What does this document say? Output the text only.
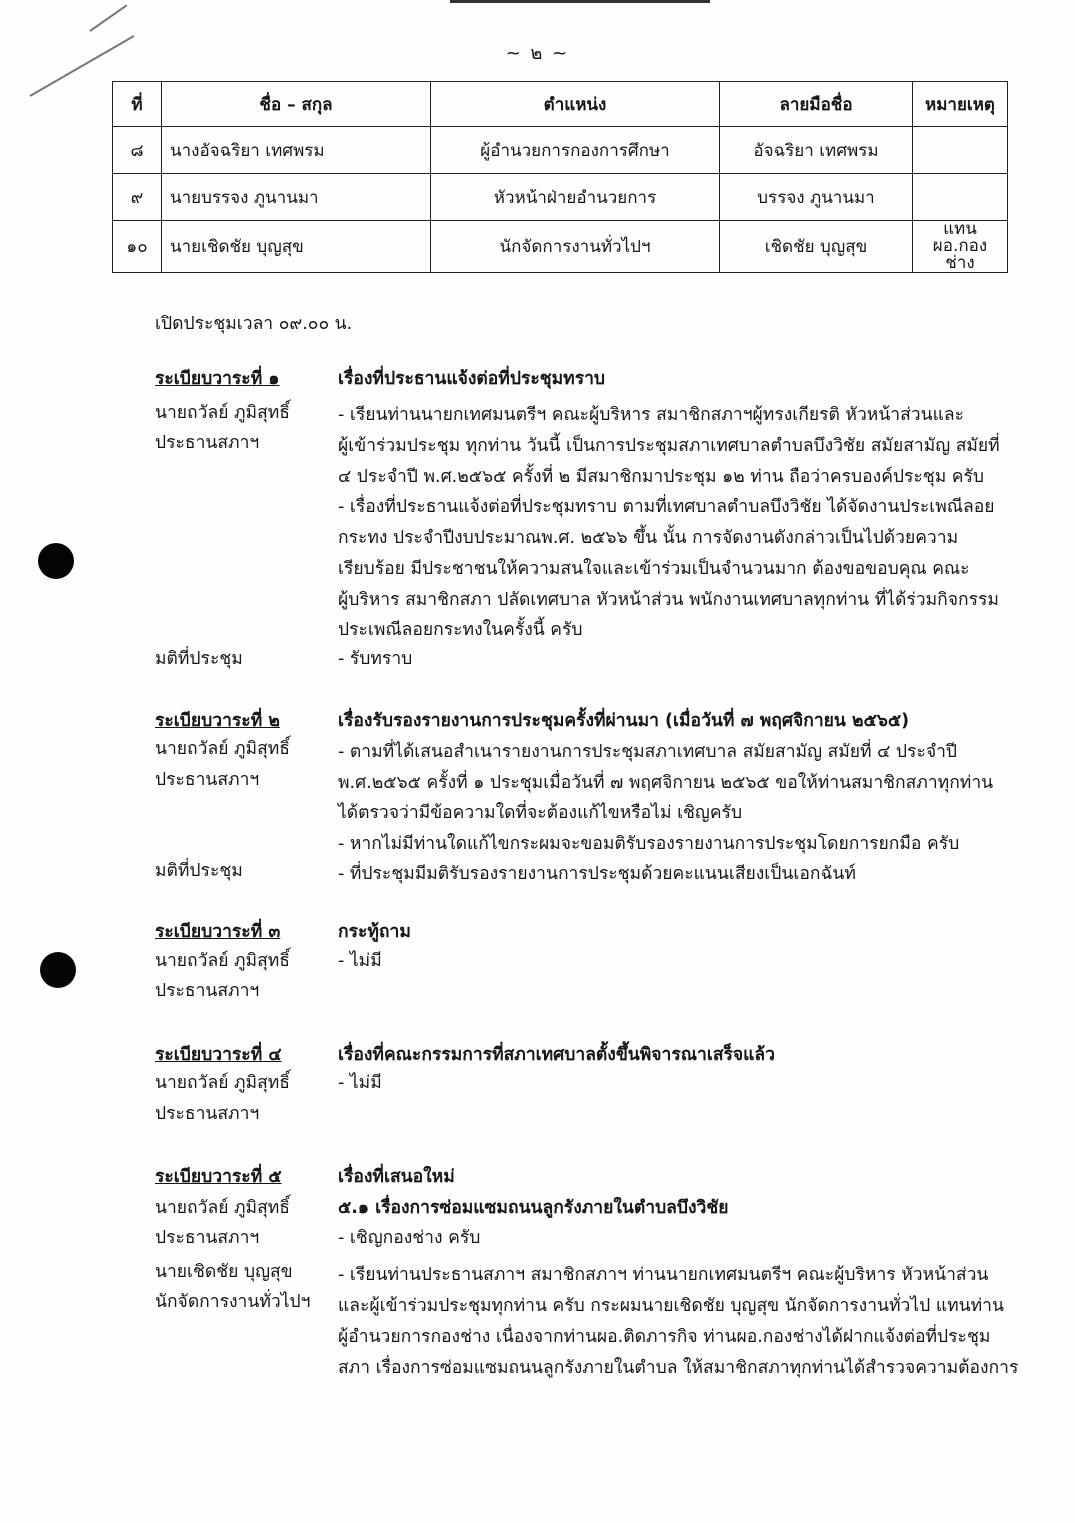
~ ๒ ~
ที่	ชื่อ – สกุล	ตำแหน่ง	ลายมือชื่อ	หมายเหตุ
๘	นางอัจฉริยา เทศพรม	ผู้อำนวยการกองการศึกษา	อัจฉริยา เทศพรม	
๙	นายบรรจง ภูนานมา	หัวหน้าฝ่ายอำนวยการ	บรรจง ภูนานมา	
๑๐	นายเชิดชัย บุญสุข	นักจัดการงานทั่วไปฯ	เชิดชัย บุญสุข	แทน
ผอ.กองช่าง
เปิดประชุมเวลา ๐๙.๐๐ น.
ระเบียบวาระที่ ๑	เรื่องที่ประธานแจ้งต่อที่ประชุมทราบ
นายถวัลย์ ภูมิสุทธิ์
ประธานสภาฯ
- เรียนท่านนายกเทศมนตรีฯ คณะผู้บริหาร สมาชิกสภาฯผู้ทรงเกียรติ หัวหน้าส่วนและ
ผู้เข้าร่วมประชุม ทุกท่าน วันนี้ เป็นการประชุมสภาเทศบาลตำบลบึงวิชัย สมัยสามัญ สมัยที่
๔ ประจำปี พ.ศ.๒๕๖๕ ครั้งที่ ๒ มีสมาชิกมาประชุม ๑๒ ท่าน ถือว่าครบองค์ประชุม ครับ
- เรื่องที่ประธานแจ้งต่อที่ประชุมทราบ ตามที่เทศบาลตำบลบึงวิชัย ได้จัดงานประเพณีลอย
กระทง ประจำปีงบประมาณพ.ศ. ๒๕๖๖ ขึ้น นั้น การจัดงานดังกล่าวเป็นไปด้วยความ
เรียบร้อย มีประชาชนให้ความสนใจและเข้าร่วมเป็นจำนวนมาก ต้องขอขอบคุณ คณะ
ผู้บริหาร สมาชิกสภา ปลัดเทศบาล หัวหน้าส่วน พนักงานเทศบาลทุกท่าน ที่ได้ร่วมกิจกรรม
ประเพณีลอยกระทงในครั้งนี้ ครับ
มติที่ประชุม	- รับทราบ
ระเบียบวาระที่ ๒	เรื่องรับรองรายงานการประชุมครั้งที่ผ่านมา (เมื่อวันที่ ๗ พฤศจิกายน ๒๕๖๕)
นายถวัลย์ ภูมิสุทธิ์
ประธานสภาฯ
- ตามที่ได้เสนอสำเนารายงานการประชุมสภาเทศบาล สมัยสามัญ สมัยที่ ๔ ประจำปี
พ.ศ.๒๕๖๕ ครั้งที่ ๑ ประชุมเมื่อวันที่ ๗ พฤศจิกายน ๒๕๖๕ ขอให้ท่านสมาชิกสภาทุกท่าน
ได้ตรวจว่ามีข้อความใดที่จะต้องแก้ไขหรือไม่ เชิญครับ
- หากไม่มีท่านใดแก้ไขกระผมจะขอมติรับรองรายงานการประชุมโดยการยกมือ ครับ
มติที่ประชุม	- ที่ประชุมมีมติรับรองรายงานการประชุมด้วยคะแนนเสียงเป็นเอกฉันท์
ระเบียบวาระที่ ๓	กระทู้ถาม
นายถวัลย์ ภูมิสุทธิ์
ประธานสภาฯ
- ไม่มี
ระเบียบวาระที่ ๔	เรื่องที่คณะกรรมการที่สภาเทศบาลตั้งขึ้นพิจารณาเสร็จแล้ว
นายถวัลย์ ภูมิสุทธิ์
ประธานสภาฯ
- ไม่มี
ระเบียบวาระที่ ๕	เรื่องที่เสนอใหม่
๕.๑ เรื่องการซ่อมแซมถนนลูกรังภายในตำบลบึงวิชัย
นายถวัลย์ ภูมิสุทธิ์
ประธานสภาฯ
นายเชิดชัย บุญสุข
นักจัดการงานทั่วไปฯ
- เชิญกองช่าง ครับ
- เรียนท่านประธานสภาฯ สมาชิกสภาฯ ท่านนายกเทศมนตรีฯ คณะผู้บริหาร หัวหน้าส่วน
และผู้เข้าร่วมประชุมทุกท่าน ครับ กระผมนายเชิดชัย บุญสุข นักจัดการงานทั่วไป แทนท่าน
ผู้อำนวยการกองช่าง เนื่องจากท่านผอ.ติดภารกิจ ท่านผอ.กองช่างได้ฝากแจ้งต่อที่ประชุม
สภา เรื่องการซ่อมแซมถนนลูกรังภายในตำบล ให้สมาชิกสภาทุกท่านได้สำรวจความต้องการ
